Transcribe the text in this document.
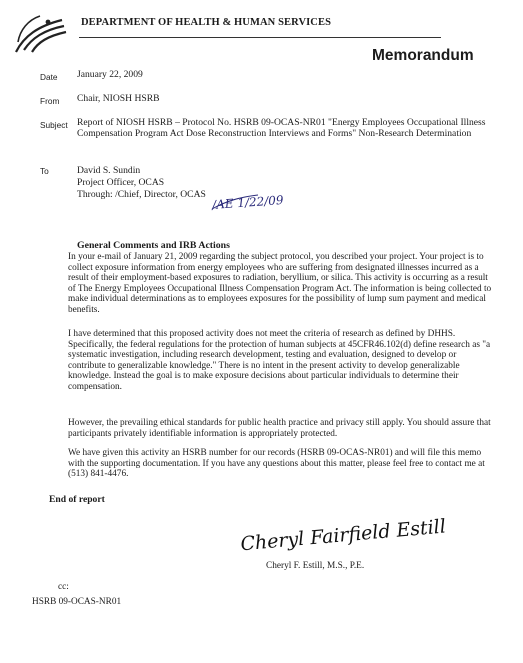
DEPARTMENT OF HEALTH & HUMAN SERVICES
Memorandum
Date January 22, 2009
From Chair, NIOSH HSRB
Subject Report of NIOSH HSRB – Protocol No. HSRB 09-OCAS-NR01 "Energy Employees Occupational Illness Compensation Program Act Dose Reconstruction Interviews and Forms" Non-Research Determination
To	David S. Sundin
Project Officer, OCAS
Through: /Chief, Director, OCAS /AE 1/22/09
General Comments and IRB Actions

In your e-mail of January 21, 2009 regarding the subject protocol, you described your project. Your project is to collect exposure information from energy employees who are suffering from designated illnesses incurred as a result of their employment-based exposures to radiation, beryllium, or silica. This activity is occurring as a result of The Energy Employees Occupational Illness Compensation Program Act. The information is being collected to make individual determinations as to employees exposures for the possibility of lump sum payment and medical benefits.

I have determined that this proposed activity does not meet the criteria of research as defined by DHHS. Specifically, the federal regulations for the protection of human subjects at 45CFR46.102(d) define research as "a systematic investigation, including research development, testing and evaluation, designed to develop or contribute to generalizable knowledge." There is no intent in the present activity to develop generalizable knowledge. Instead the goal is to make exposure decisions about particular individuals to determine their compensation.

However, the prevailing ethical standards for public health practice and privacy still apply. You should assure that participants privately identifiable information is appropriately protected.

We have given this activity an HSRB number for our records (HSRB 09-OCAS-NR01) and will file this memo with the supporting documentation. If you have any questions about this matter, please feel free to contact me at (513) 841-4476.

End of report
Cheryl Fairfield Estill
Cheryl F. Estill, M.S., P.E.
cc:
HSRB 09-OCAS-NR01
